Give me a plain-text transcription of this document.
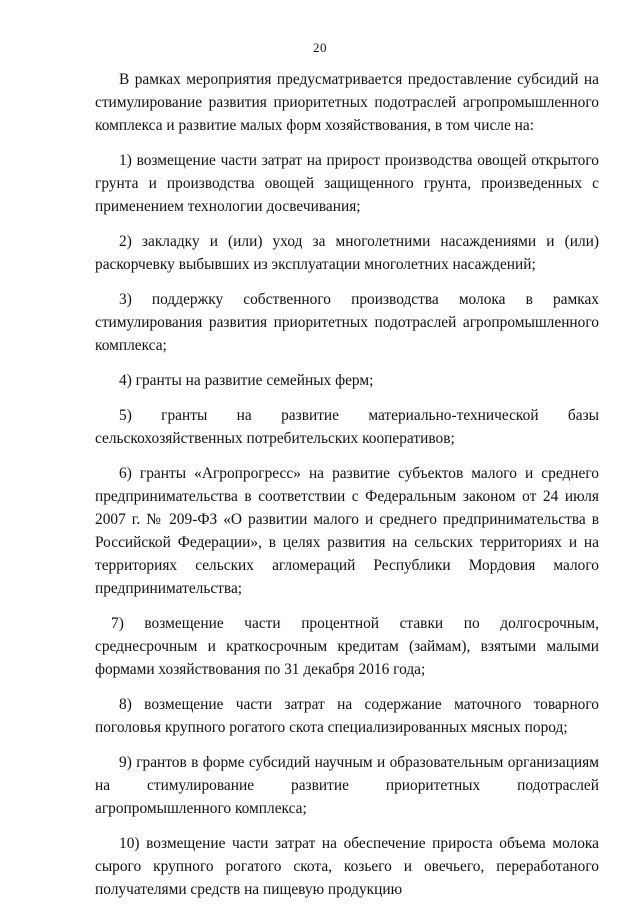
20

В рамках мероприятия предусматривается предоставление субсидий на стимулирование развития приоритетных подотраслей агропромышленного комплекса и развитие малых форм хозяйствования, в том числе на:

1) возмещение части затрат на прирост производства овощей открытого грунта и производства овощей защищенного грунта, произведенных с применением технологии досвечивания;

2) закладку и (или) уход за многолетними насаждениями и (или) раскорчевку выбывших из эксплуатации многолетних насаждений;

3) поддержку собственного производства молока в рамках стимулирования развития приоритетных подотраслей агропромышленного комплекса;

4) гранты на развитие семейных ферм;

5) гранты на развитие материально-технической базы сельскохозяйственных потребительских кооперативов;

6) гранты «Агропрогресс» на развитие субъектов малого и среднего предпринимательства в соответствии с Федеральным законом от 24 июля 2007 г. № 209-ФЗ «О развитии малого и среднего предпринимательства в Российской Федерации», в целях развития на сельских территориях и на территориях сельских агломераций Республики Мордовия малого предпринимательства;

7) возмещение части процентной ставки по долгосрочным, среднесрочным и краткосрочным кредитам (займам), взятыми малыми формами хозяйствования по 31 декабря 2016 года;

8) возмещение части затрат на содержание маточного товарного поголовья крупного рогатого скота специализированных мясных пород;

9) грантов в форме субсидий научным и образовательным организациям на стимулирование развитие приоритетных подотраслей агропромышленного комплекса;

10) возмещение части затрат на обеспечение прироста объема молока сырого крупного рогатого скота, козьего и овечьего, переработаного получателями средств на пищевую продукцию
